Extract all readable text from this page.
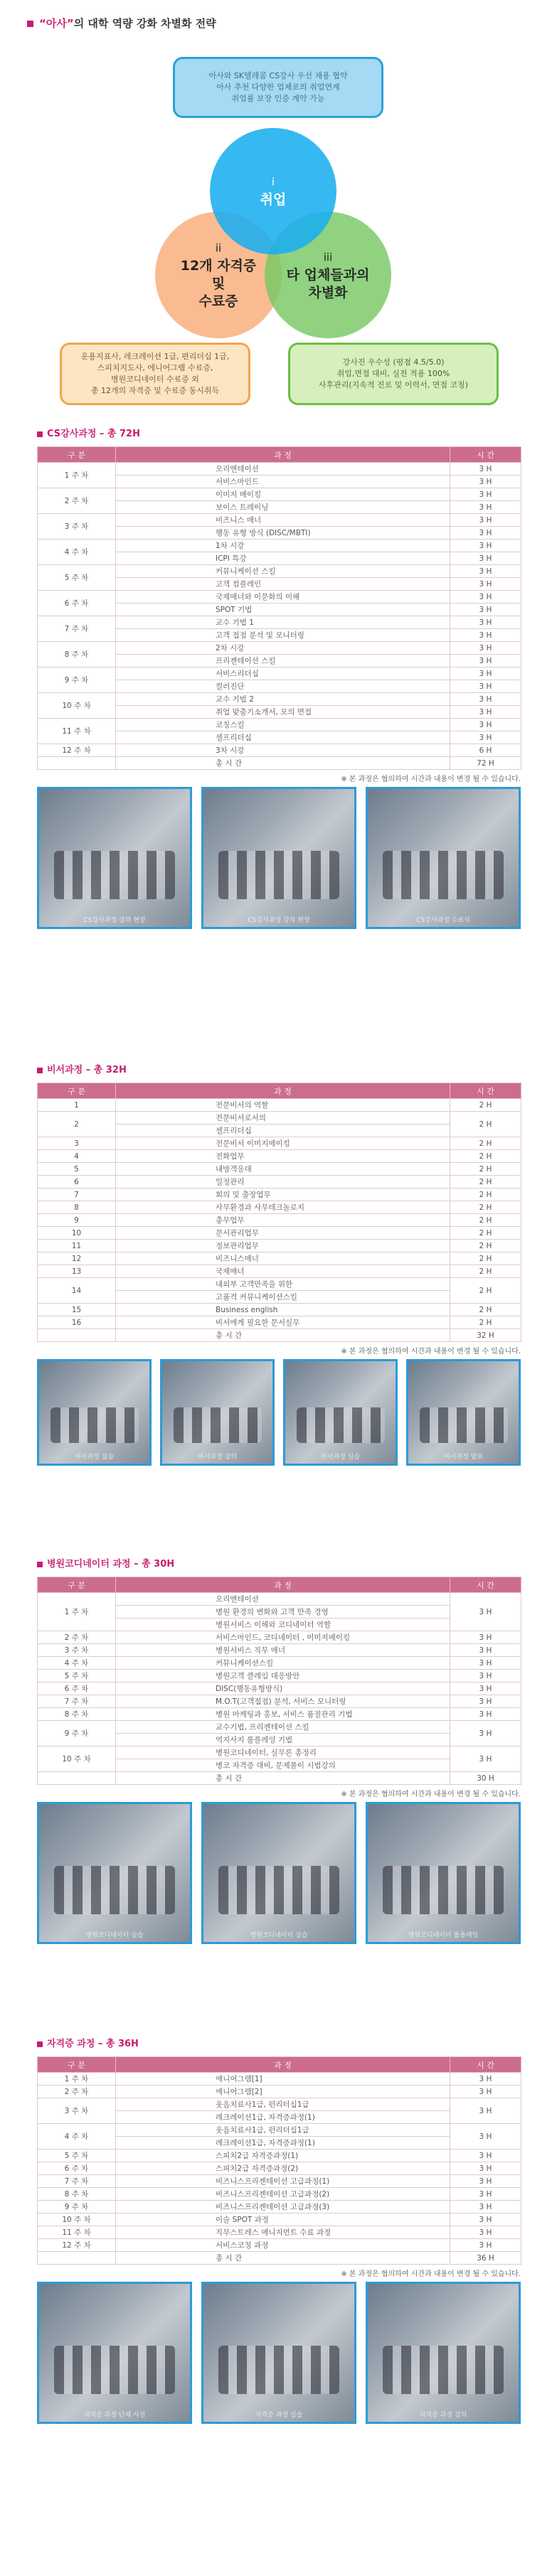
“아사”의 대학 역량 강화 차별화 전략
아사와 SK텔레콤 CS강사 우선 채용 협약
아사 추천 다양한 업체로의 취업연계
취업률 보장 인증 계약 가능
ii
12개 자격증
및
수료증
iii
타 업체들과의
차별화
i
취업
운용지표사, 레크레이션 1급, 편리더십 1급,
스피치지도사, 에니어그램 수료증,
병원코디네이터 수료증 외
총 12개의 자격증 및 수료증 동시취득
강사진 우수성 (평점 4.5/5.0)
취업,면접 대비, 실전 적용 100%
사후관리(지속적 진로 및 이력서, 면접 코칭)
CS강사과정 – 총 72H
구 분	과 정	시 간
1 주 차	오리엔테이션	3 H
	서비스마인드	3 H
2 주 차	이미지 메이킹	3 H
	보이스 트레이닝	3 H
3 주 차	비즈니스 매너	3 H
	행동 유형 방식 (DISC/MBTI)	3 H
4 주 차	1차 시강	3 H
	ICPI 특강	3 H
5 주 차	커뮤니케이션 스킬	3 H
	고객 컴플레인	3 H
6 주 차	국제매너와 이문화의 이해	3 H
	SPOT 기법	3 H
7 주 차	교수 기법 1	3 H
	고객 접점 분석 및 모니터링	3 H
8 주 차	2차 시강	3 H
	프리젠테이션 스킬	3 H
9 주 차	서비스리더십	3 H
	컬러진단	3 H
10 주 차	교수 기법 2	3 H
	취업 맞춤기소개서, 모의 면접	3 H
11 주 차	코칭스킬	3 H
	셀프리더십	3 H
12 주 차	3차 시강	6 H
	총 시 간	72 H
※ 본 과정은 협의하여 시간과 내용이 변경 될 수 있습니다.
CS강사과정 강의 현장	CS강사과정 강의 현장	CS강사과정 수료식
비서과정 – 총 32H
구 분	과 정	시 간
1	전문비서의 역할	2 H
2	전문비서로서의	2 H
	셀프리더십	
3	전문비서 이미지메이킹	2 H
4	전화업무	2 H
5	내방객응대	2 H
6	일정관리	2 H
7	회의 및 출장업무	2 H
8	사무환경과 사무테크놀로지	2 H
9	총무업무	2 H
10	문서관리업무	2 H
11	정보관리업무	2 H
12	비즈니스매너	2 H
13	국제매너	2 H
14	내외부 고객만족을 위한	2 H
	고품격 커뮤니케이션스킬	
15	Business english	2 H
16	비서에게 필요한 문서실무	2 H
	총 시 간	32 H
※ 본 과정은 협의하여 시간과 내용이 변경 될 수 있습니다.
비서과정 실습	비서과정 강의	비서과정 실습	비서과정 발표
병원코디네이터 과정 – 총 30H
구 분	과 정	시 간
1 주 차	오리엔테이션	3 H
	병원 환경의 변화와 고객 만족 경영	
	병원서비스 이해와 코디네이터 역할	
2 주 차	서비스마인드, 코디네이터 , 이미지메이킹	3 H
3 주 차	병원서비스 직무 매너	3 H
4 주 차	커뮤니케이션스킬	3 H
5 주 차	병원고객 클레임 대응방안	3 H
6 주 차	DISC(행동유형방식)	3 H
7 주 차	M.O.T(고객접점) 분석, 서비스 모니터링	3 H
8 주 차	병원 마케팅과 홍보, 서비스 품질관리 기법	3 H
9 주 차	교수기법, 프리젠테이션 스킬	3 H
	역지사지 롤플레잉 기법	
10 주 차	병원코디네이터, 실무론 총정리	3 H
	병코 자격증 대비, 문제풀이 시범강의	
	총 시 간	30 H
※ 본 과정은 협의하여 시간과 내용이 변경 될 수 있습니다.
병원코디네이터 실습	병원코디네이터 실습	병원코디네이터 롤플레잉
자격증 과정 – 총 36H
구 분	과 정	시 간
1 주 차	에니어그램[1]	3 H
2 주 차	에니어그램[2]	3 H
3 주 차	웃음치료사1급, 펀리더십1급	3 H
	레크레이션1급, 자격증과정(1)	
4 주 차	웃음치료사1급, 펀리더십1급	3 H
	레크레이션1급, 자격증과정(1)	
5 주 차	스피치2급 자격증과정(1)	3 H
6 주 차	스피치2급 자격증과정(2)	3 H
7 주 차	비즈니스프리젠테이션 고급과정(1)	3 H
8 주 차	비즈니스프리젠테이션 고급과정(2)	3 H
9 주 차	비즈니스프리젠테이션 고급과정(3)	3 H
10 주 차	이슬 SPOT 과정	3 H
11 주 차	직무스트레스 매니지먼트 수료 과정	3 H
12 주 차	서비스코칭 과정	3 H
	총 시 간	36 H
※ 본 과정은 협의하여 시간과 내용이 변경 될 수 있습니다.
자격증 과정 단체 사진	자격증 과정 실습	자격증 과정 강의
